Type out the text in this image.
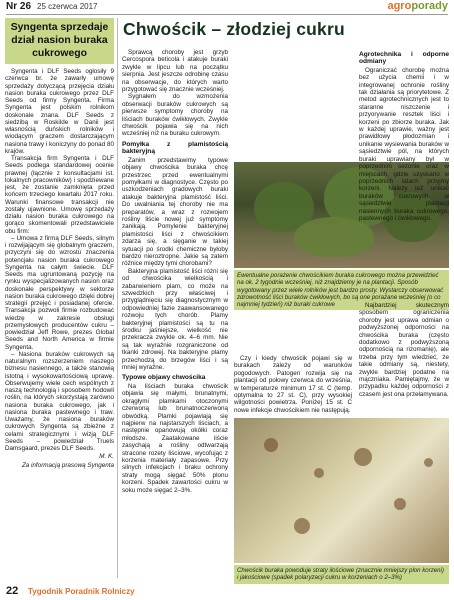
Nr 26 25 czerwca 2017	agroporady
Syngenta sprzedaje dział nasion buraka cukrowego

Syngenta i DLF Seeds ogłosiły 9 czerwca br. że zawarły umowę sprzedaży dotyczącą przejęcia działu nasion buraka cukrowego przez DLF Seeds od firmy Syngenta. Firma Syngenta jest polskim rolnikom doskonale znana. DLF Seeds z siedzibą w Roskilde w Danii jest własnością duńskich rolników i wiodącym graczem dostarczającym nasiona trawy i koniczyny do ponad 80 krajów.

Transakcja firm Syngenta i DLF Seeds podlega standardowej ocenie prawnej (łącznie z konsultacjami ist. lokalnych pracowników) i spodziewane jest, że zostanie zamknięta przed końcem trzeciego kwartału 2017 roku. Warunki finansowe transakcji nie zostały ujawnione. Umowę sprzedaży działu nasion buraka cukrowego na gorąco skomentowali przedstawiciele obu firm:

– Umowa z firmą DLF Seeds, silnym i rozwijającym się globalnym graczem, przyczyni się do wzrostu znaczenia potencjału nasion buraka cukrowego Syngenta na całym świecie. DLF Seeds ma ugruntowaną pozycję na rynku wyspecjalizowanych nasion oraz doskonałe perspektywy w sektorze nasion buraka cukrowego dzięki dobrej strategii przejęć i posiadanej ofercie. Transakcja pozwoli firmie rozbudować wiedzę w zakresie obsługi przemysłowych producentów cukru – powiedział Jeff Rowe, prezes Global Seeds and North America w firmie Syngenta.

– Nasiona buraków cukrowych są naturalnym rozszerzeniem naszego biznesu nasiennego, a także stanowią istotną i wysokowartościową uprawę. Obserwujemy wiele cech wspólnych z naszą technologią i sposobem hodowli roślin, na których skorzystają zarówno nasiona buraka cukrowego, jak i nasiona buraka pastewnego i traw. Uważamy, że nasiona buraków cukrowych Syngenta są zbieżne z celami strategicznymi i wizją DLF Seeds – powiedział Truels Damsgaard, prezes DLF Seeds.

M. K.
Za informacją prasową Syngenta
Chwościk – złodziej cukru

Sprawcą choroby jest grzyb Cercospora beticola i atakuje buraki zwykle w lipcu lub na początku sierpnia. Jest jeszcze odrobinę czasu na obserwacje, do których warto przygotować się znacznie wcześniej.

Sygnałem do wzmożenia obserwacji buraków cukrowych są pierwsze symptomy choroby na liściach buraków ćwikłowych. Zwykle chwościk pojawia się na nich wcześniej niż na buraku cukrowym.

Pomyłka z plamistością bakteryjną

Zanim przedstawimy typowe objawy chwościka buraka chcę przestrzec przed ewentualnymi pomyłkami w diagnostyce. Często po uszkodzeniach gradowych buraki atakuje bakteryjna plamistość liści. Do uwalniania tej choroby nie ma preparatów, a wraz z rozwojem rośliny liście nowej już symptomy zanikają. Pomylenie bakteryjnej plamistości liści z chwościkiem zdarza się, a sięganie w takiej sytuacji po środki chemiczne byłoby bardzo nieroztropne. Jakie są zatem różnice między tymi chorobami?

Bakteryjna plamistość liści różni się od chwościka wielkością i zabarwieniem plam, co może na szwedzkich przy właściwej i przyglądnięciu się diagnostycznym w odpowiedniej fazie zaawansowanego rozwoju tych chorób. Plamy bakteryjnej plamistości są tu na środku jaśniejsze, wielkość nie przekracza zwykle ok. 4–6 mm. Nie są tak wyraźnie rozgraniczone od tkanki zdrowej. Na bakteryjne plamy przechodzą do brzegów liści i są mniej wyraźne.

Typowe objawy chwościka

Na liściach buraka chwościk objawia się małymi, brunatnymi, okrągłymi plamkami otoczonymi czerwoną lub brunatnoczerwoną obwódką. Plamki pojawiają się najpierw na najstarszych liściach, a następnie opanowują okółki coraz młodsze. Zaatakowane liście zasychają a rośliny odtwarzają stracone rozety liściowe, wycofując z korzenia materiały zapasowe. Przy silnych infekcjach i braku ochrony straty mogą sięgać 50% plonu korzeni. Spadek zawartości cukru w soku może sięgać 2–3%.

Ewentualne porażenie chwościkiem buraka cukrowego można przewidzieć na ok. 2 tygodnie wcześniej, niż znajdziemy je na plantacji. Sposób wygotowany przez wiele rolników jest bardzo prosty. Wystarczy obserwować zdrowotność liści buraków ćwikłowych, bo są one porażane wcześniej (o co najmniej tydzień) niż buraki cukrowe

Czy i kiedy chwościk pojawi się w burakach zależy od warunków pogodowych. Patogen rozwija się na plantacji od połowy czerwca do września, w temperaturze minimum 17 st. C (temp. optymalna to 27 st. C), przy wysokiej wilgotności powietrza. Poniżej 15 st. C nowe infekcje chwościkiem nie następują.

Agrotechnika i odporne odmiany

Ograniczać chorobę można bez użycia chemii i w integrowanej ochronie rośliny tak działania są priorytetowe. Z metod agrotechnicznych jest to staranne niszczenie i przyorywanie resztek liści i korzeni po zbiorze buraka. Jak w każdej uprawie, ważny jest prawidłowy płodozmian i unikanie wysiewania buraków w sąsiedztwie pól, na których buraki uprawiany był w poprzednim sezonie oraz w miejscach, gdzie uzyskano w poprzednich latach przyjmy korzeni. Należy też unikać buraków cukrowych w sąsiedztwie plantacji nasiennych buraka cukrowego, pastewnego i ćwikłowego.

Najbardziej skutecznym sposobem ograniczenia choroby jest uprawa odmian o podwyższonej odporności na chwościka buraka (często dodatkowo z podwyższoną odpornością na rizomanię), ale trzeba przy tym wiedzieć, że takie odmiany są, niestety, zwykle bardziej podatne na mączniaka. Pamiętajmy, że w przypadku każdej odporności z czasem jest ona przełamywana.

Chwościk buraka powoduje straty ilościowe (znacznie mniejszy plon korzeni) i jakościowe (spadek polaryzacji cukru w korzeniach o 2–3%)
22 Tygodnik Poradnik Rolniczy
